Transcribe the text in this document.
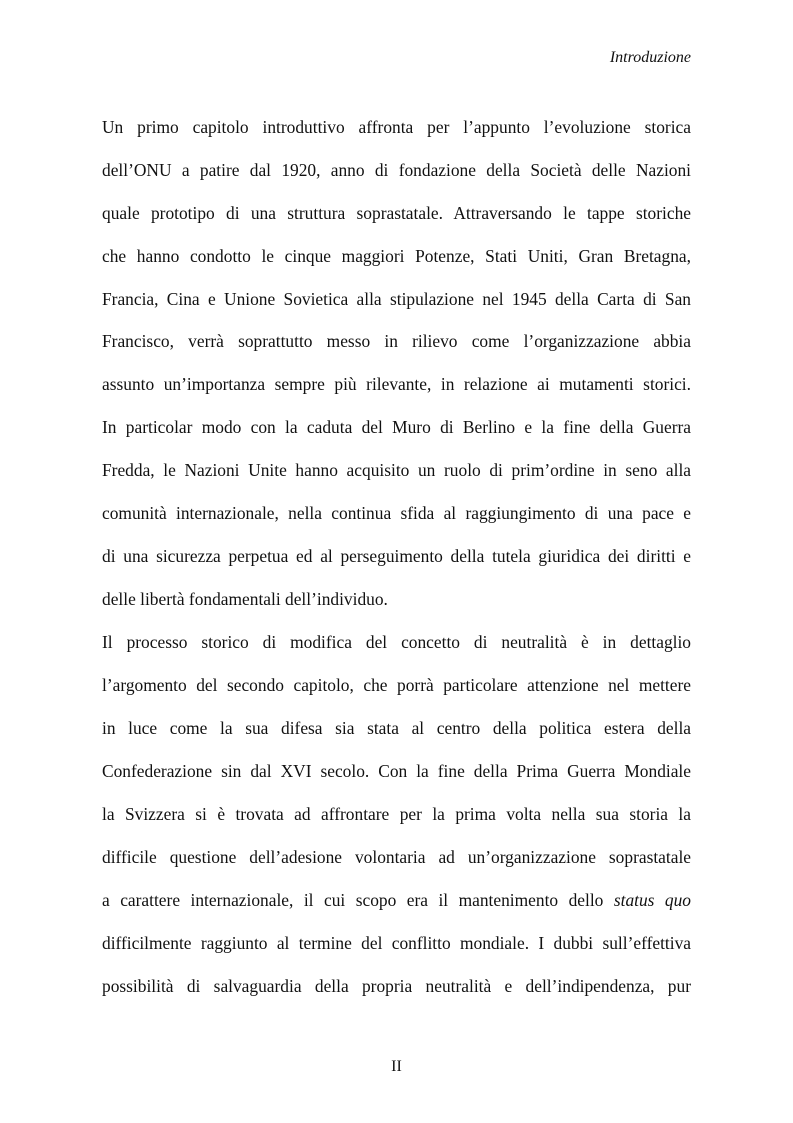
Introduzione
Un primo capitolo introduttivo affronta per l’appunto l’evoluzione storica
dell’ONU a patire dal 1920, anno di fondazione della Società delle Nazioni
quale prototipo di una struttura soprastatale. Attraversando le tappe storiche
che hanno condotto le cinque maggiori Potenze, Stati Uniti, Gran Bretagna,
Francia, Cina e Unione Sovietica alla stipulazione nel 1945 della Carta di San
Francisco, verrà soprattutto messo in rilievo come l’organizzazione abbia
assunto un’importanza sempre più rilevante, in relazione ai mutamenti storici.
In particolar modo con la caduta del Muro di Berlino e la fine della Guerra
Fredda, le Nazioni Unite hanno acquisito un ruolo di prim’ordine in seno alla
comunità internazionale, nella continua sfida al raggiungimento di una pace e
di una sicurezza perpetua ed al perseguimento della tutela giuridica dei diritti e
delle libertà fondamentali dell’individuo.
Il processo storico di modifica del concetto di neutralità è in dettaglio
l’argomento del secondo capitolo, che porrà particolare attenzione nel mettere
in luce come la sua difesa sia stata al centro della politica estera della
Confederazione sin dal XVI secolo. Con la fine della Prima Guerra Mondiale
la Svizzera si è trovata ad affrontare per la prima volta nella sua storia la
difficile questione dell’adesione volontaria ad un’organizzazione soprastatale
a carattere internazionale, il cui scopo era il mantenimento dello status quo
difficilmente raggiunto al termine del conflitto mondiale. I dubbi sull’effettiva
possibilità di salvaguardia della propria neutralità e dell’indipendenza, pur
II
